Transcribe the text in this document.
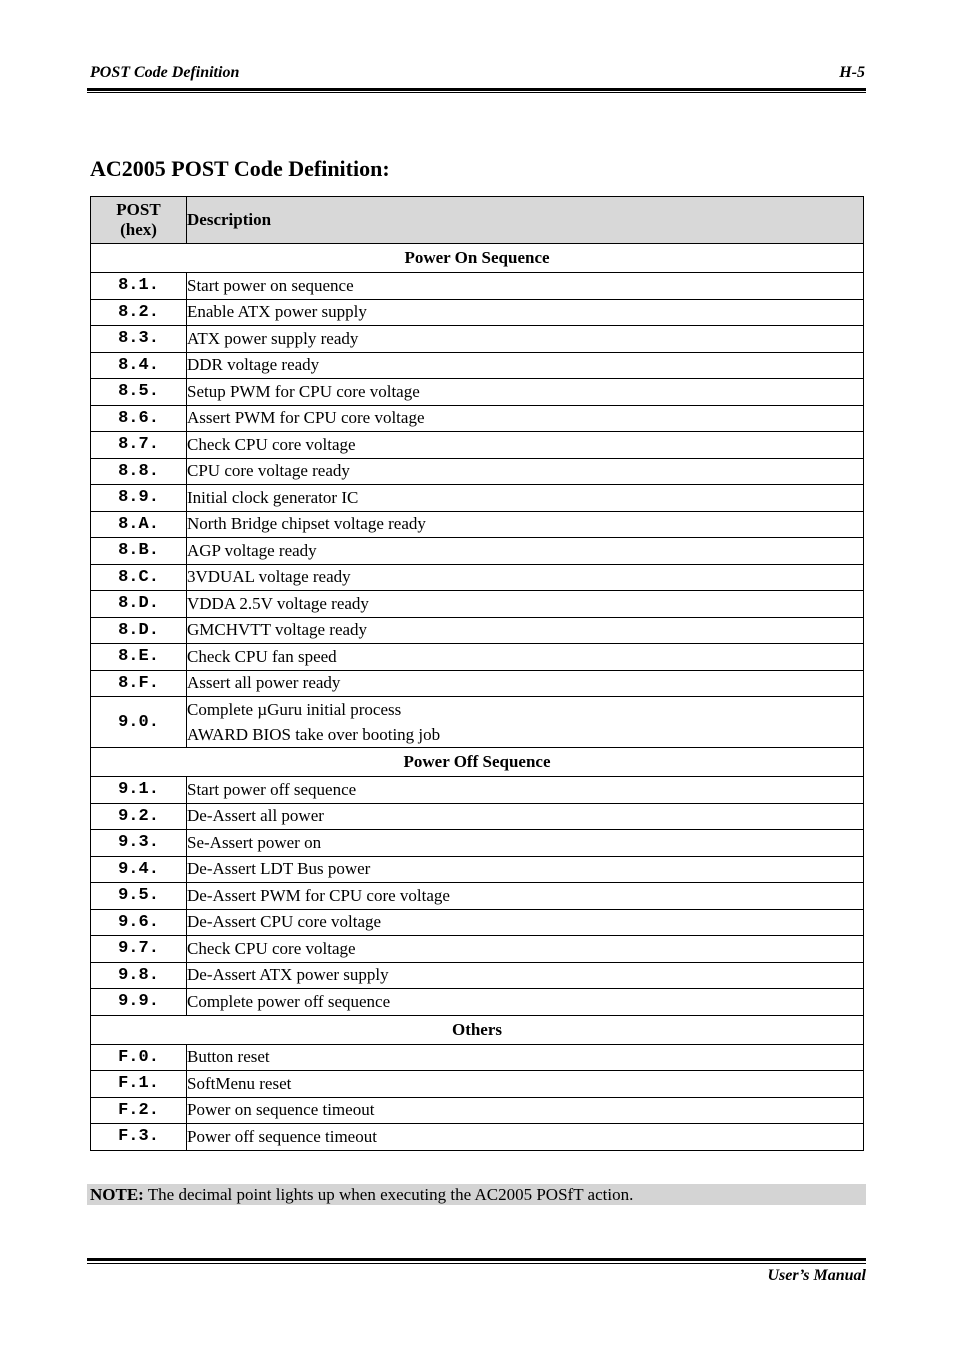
POST Code Definition	H-5
AC2005 POST Code Definition:
POST
(hex)	Description
Power On Sequence	
8.1.	Start power on sequence
8.2.	Enable ATX power supply
8.3.	ATX power supply ready
8.4.	DDR voltage ready
8.5.	Setup PWM for CPU core voltage
8.6.	Assert PWM for CPU core voltage
8.7.	Check CPU core voltage
8.8.	CPU core voltage ready
8.9.	Initial clock generator IC
8.A.	North Bridge chipset voltage ready
8.B.	AGP voltage ready
8.C.	3VDUAL voltage ready
8.D.	VDDA 2.5V voltage ready
8.D.	GMCHVTT voltage ready
8.E.	Check CPU fan speed
8.F.	Assert all power ready
9.0.	Complete µGuru initial process
AWARD BIOS take over booting job

Power Off Sequence	
9.1.	Start power off sequence
9.2.	De-Assert all power
9.3.	Se-Assert power on
9.4.	De-Assert LDT Bus power
9.5.	De-Assert PWM for CPU core voltage
9.6.	De-Assert CPU core voltage
9.7.	Check CPU core voltage
9.8.	De-Assert ATX power supply
9.9.	Complete power off sequence
Others	
F.0.	Button reset
F.1.	SoftMenu reset
F.2.	Power on sequence timeout
F.3.	Power off sequence timeout
NOTE: The decimal point lights up when executing the AC2005 POSfT action.
User’s Manual
